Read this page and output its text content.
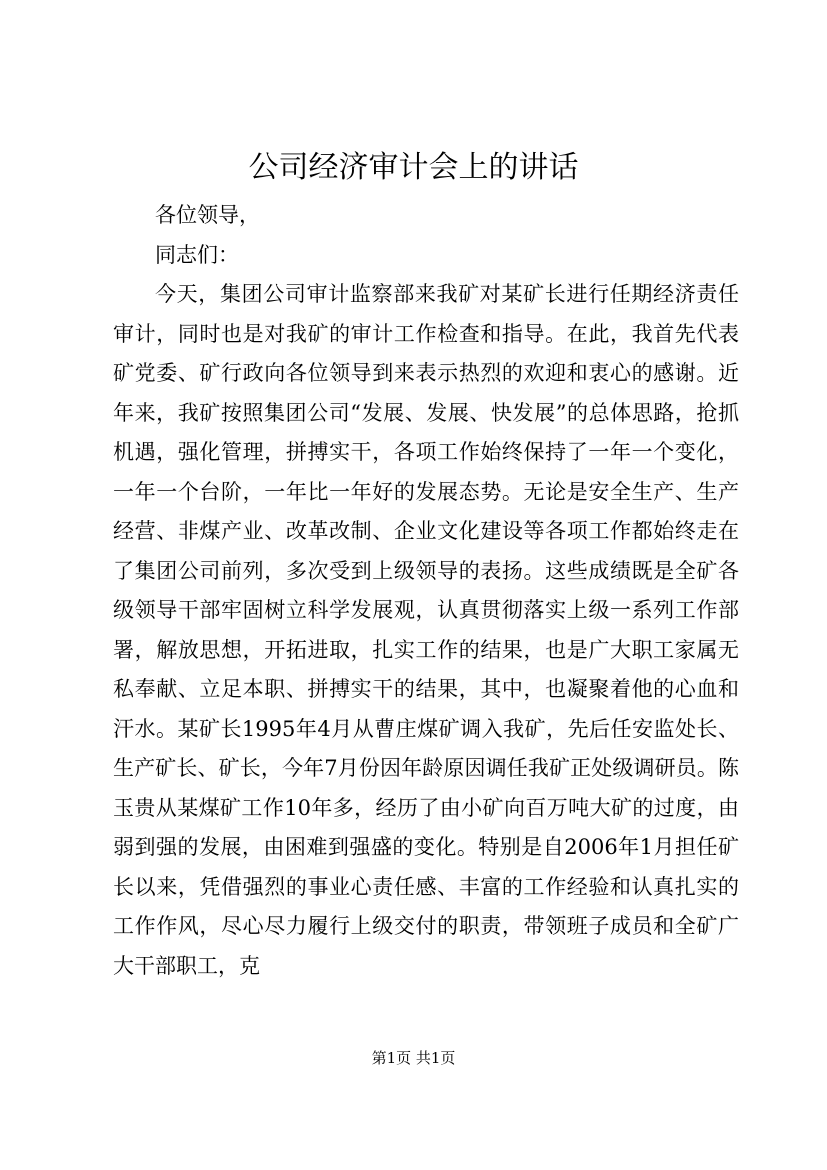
公司经济审计会上的讲话

各位领导，

同志们：

今天，集团公司审计监察部来我矿对某矿长进行任期经济责任审计，同时也是对我矿的审计工作检查和指导。在此，我首先代表矿党委、矿行政向各位领导到来表示热烈的欢迎和衷心的感谢。近年来，我矿按照集团公司“发展、发展、快发展”的总体思路，抢抓机遇，强化管理，拼搏实干，各项工作始终保持了一年一个变化，一年一个台阶，一年比一年好的发展态势。无论是安全生产、生产经营、非煤产业、改革改制、企业文化建设等各项工作都始终走在了集团公司前列，多次受到上级领导的表扬。这些成绩既是全矿各级领导干部牢固树立科学发展观，认真贯彻落实上级一系列工作部署，解放思想，开拓进取，扎实工作的结果，也是广大职工家属无私奉献、立足本职、拼搏实干的结果，其中，也凝聚着他的心血和汗水。某矿长1995年4月从曹庄煤矿调入我矿，先后任安监处长、生产矿长、矿长，今年7月份因年龄原因调任我矿正处级调研员。陈玉贵从某煤矿工作10年多，经历了由小矿向百万吨大矿的过度，由弱到强的发展，由困难到强盛的变化。特别是自2006年1月担任矿长以来，凭借强烈的事业心责任感、丰富的工作经验和认真扎实的工作作风，尽心尽力履行上级交付的职责，带领班子成员和全矿广大干部职工，克

第1页 共1页
